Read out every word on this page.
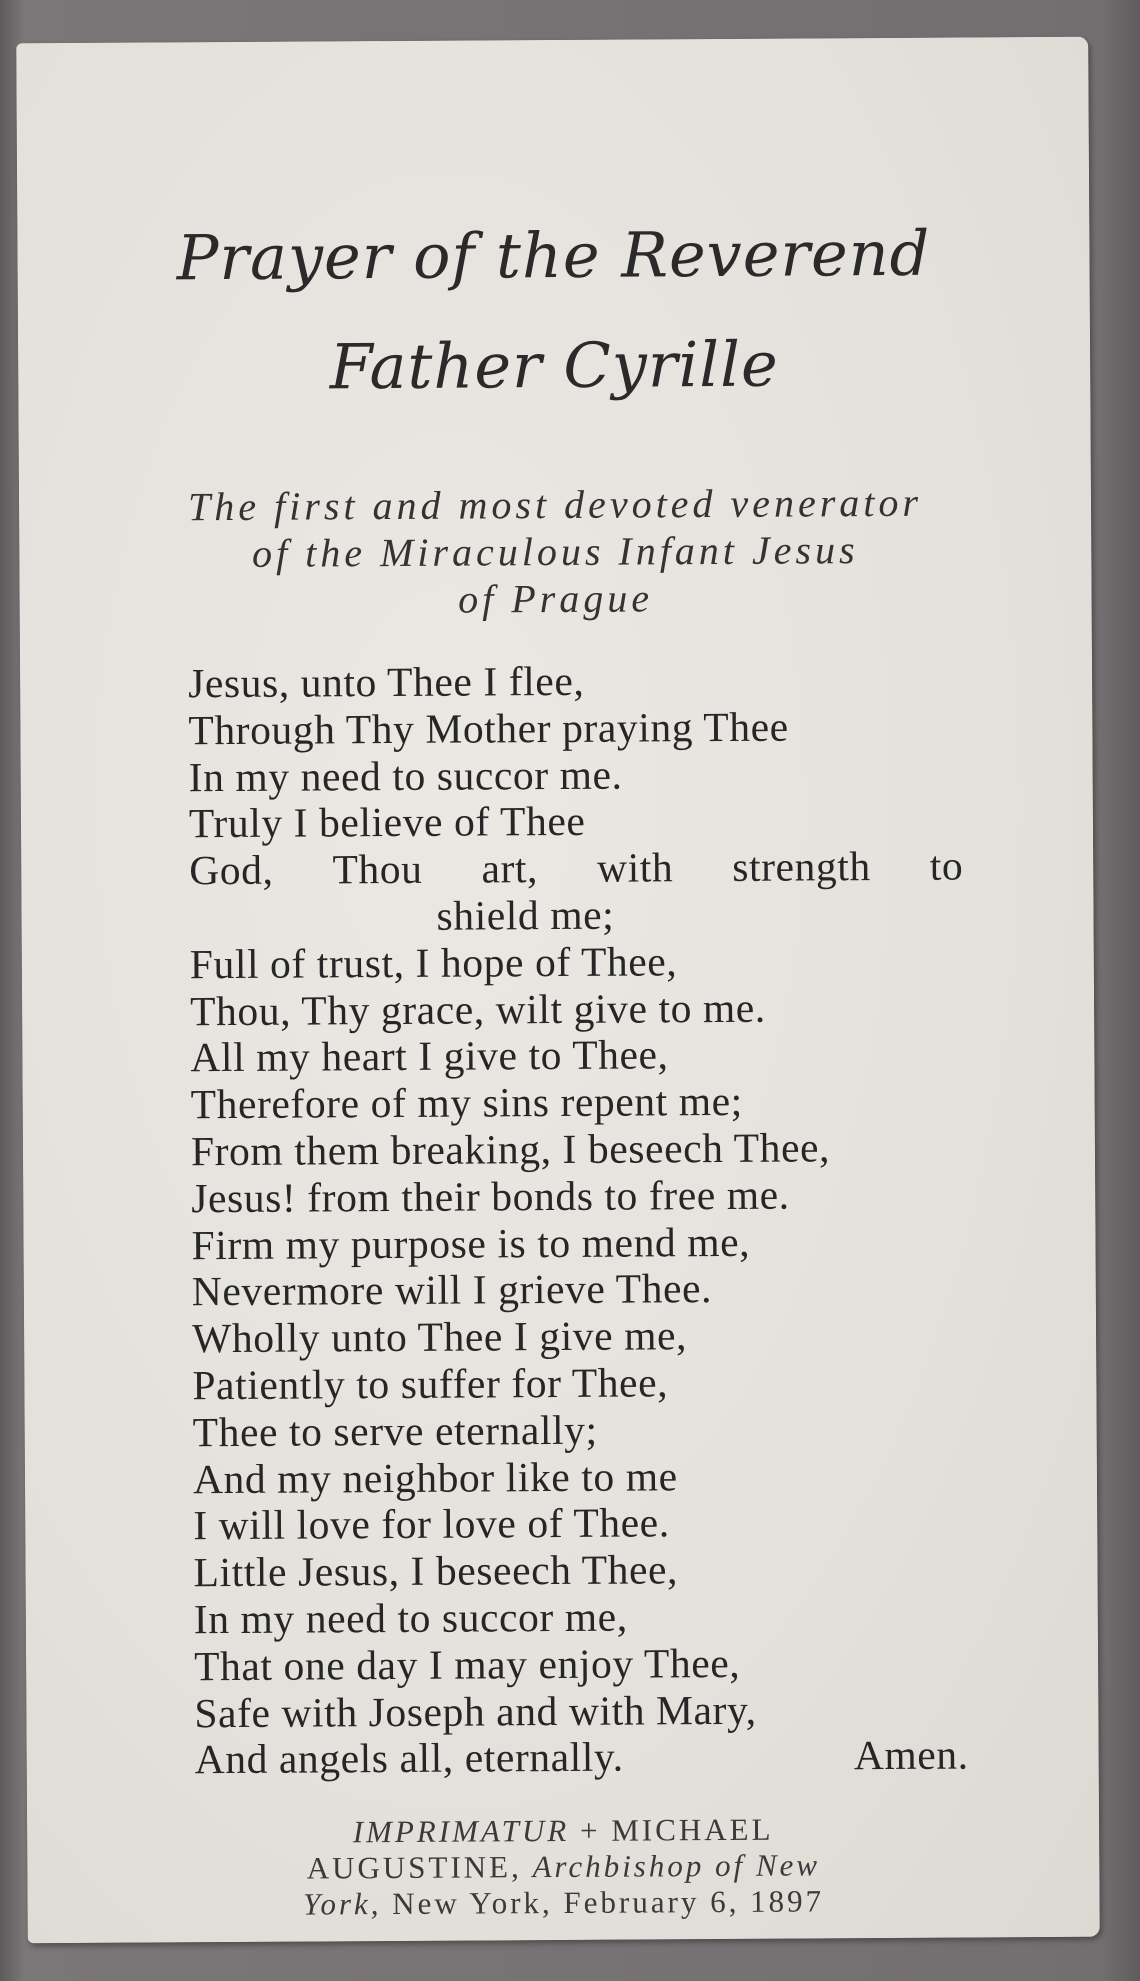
Prayer of the Reverend
Father Cyrille
The first and most devoted venerator
of the Miraculous Infant Jesus
of Prague
Jesus, unto Thee I flee,
Through Thy Mother praying Thee
In my need to succor me.
Truly I believe of Thee
God, Thou art, with strength to
shield me;
Full of trust, I hope of Thee,
Thou, Thy grace, wilt give to me.
All my heart I give to Thee,
Therefore of my sins repent me;
From them breaking, I beseech Thee,
Jesus! from their bonds to free me.
Firm my purpose is to mend me,
Nevermore will I grieve Thee.
Wholly unto Thee I give me,
Patiently to suffer for Thee,
Thee to serve eternally;
And my neighbor like to me
I will love for love of Thee.
Little Jesus, I beseech Thee,
In my need to succor me,
That one day I may enjoy Thee,
Safe with Joseph and with Mary,
And angels all, eternally.	Amen.
IMPRIMATUR + MICHAEL
AUGUSTINE, Archbishop of New
York, New York, February 6, 1897
